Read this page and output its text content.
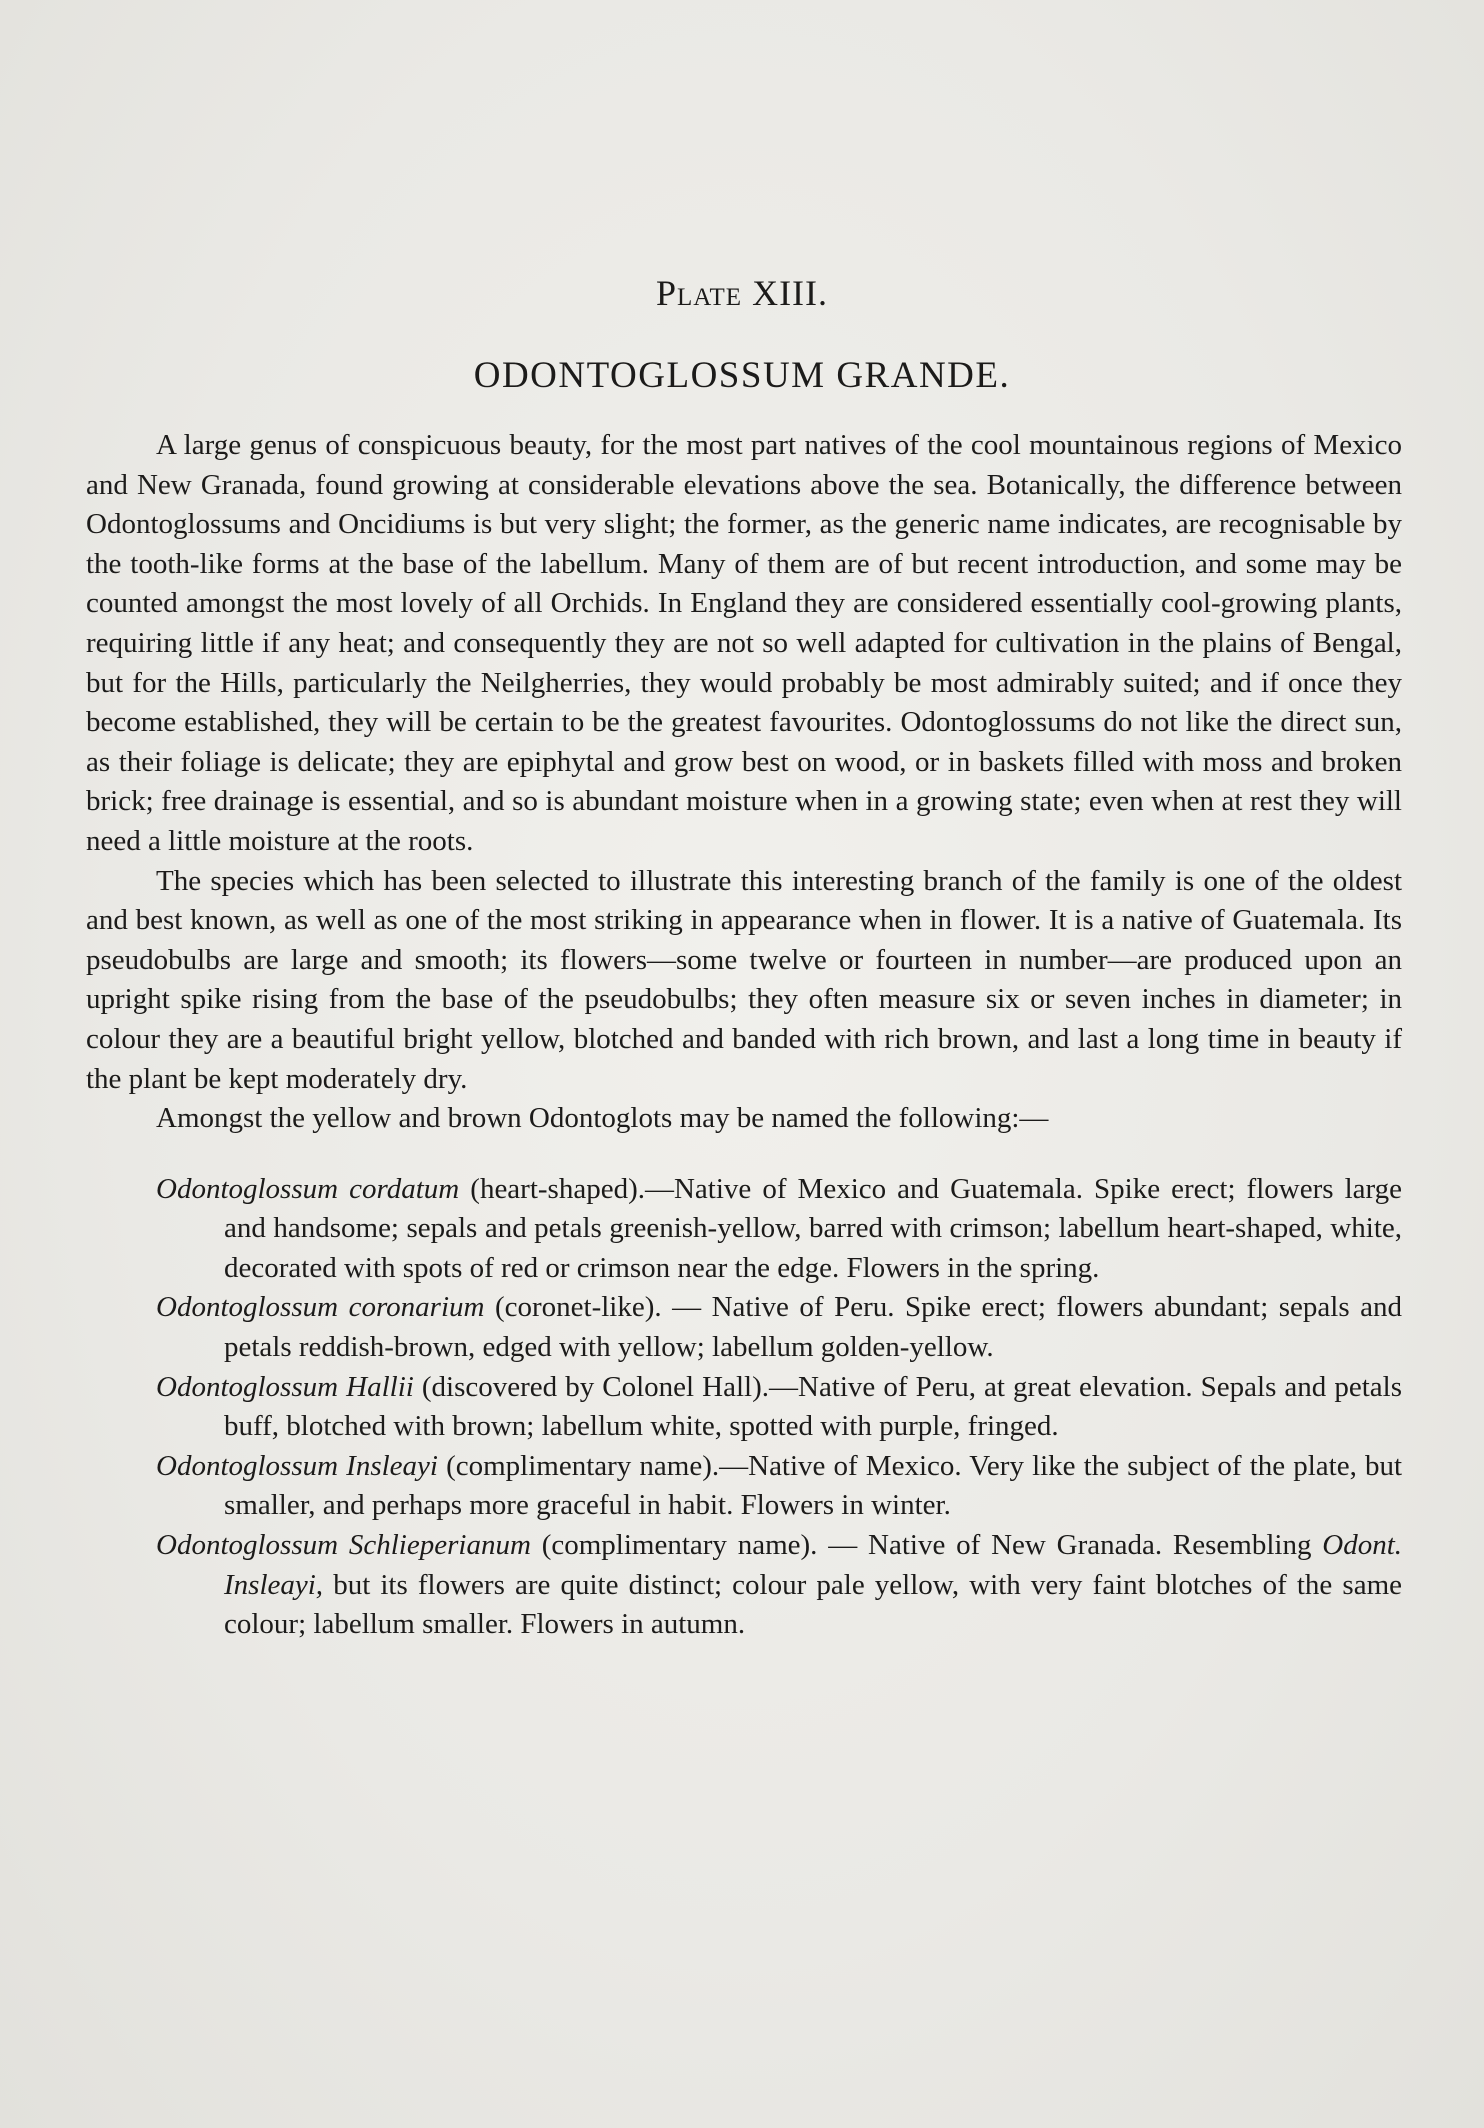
Plate XIII.
ODONTOGLOSSUM GRANDE.

A large genus of conspicuous beauty, for the most part natives of the cool mountainous regions of Mexico and New Granada, found growing at considerable elevations above the sea. Botanically, the difference between Odontoglossums and Oncidiums is but very slight; the former, as the generic name indicates, are recognisable by the tooth-like forms at the base of the labellum. Many of them are of but recent introduction, and some may be counted amongst the most lovely of all Orchids. In England they are considered essentially cool-growing plants, requiring little if any heat; and consequently they are not so well adapted for cultivation in the plains of Bengal, but for the Hills, particularly the Neilgherries, they would probably be most admirably suited; and if once they become established, they will be certain to be the greatest favourites. Odontoglossums do not like the direct sun, as their foliage is delicate; they are epiphytal and grow best on wood, or in baskets filled with moss and broken brick; free drainage is essential, and so is abundant moisture when in a growing state; even when at rest they will need a little moisture at the roots.

The species which has been selected to illustrate this interesting branch of the family is one of the oldest and best known, as well as one of the most striking in appearance when in flower. It is a native of Guatemala. Its pseudobulbs are large and smooth; its flowers—some twelve or fourteen in number—are produced upon an upright spike rising from the base of the pseudobulbs; they often measure six or seven inches in diameter; in colour they are a beautiful bright yellow, blotched and banded with rich brown, and last a long time in beauty if the plant be kept moderately dry.

Amongst the yellow and brown Odontoglots may be named the following:—

Odontoglossum cordatum (heart-shaped).—Native of Mexico and Guatemala. Spike erect; flowers large and handsome; sepals and petals greenish-yellow, barred with crimson; labellum heart-shaped, white, decorated with spots of red or crimson near the edge. Flowers in the spring.
Odontoglossum coronarium (coronet-like). — Native of Peru. Spike erect; flowers abundant; sepals and petals reddish-brown, edged with yellow; labellum golden-yellow.
Odontoglossum Hallii (discovered by Colonel Hall).—Native of Peru, at great elevation. Sepals and petals buff, blotched with brown; labellum white, spotted with purple, fringed.
Odontoglossum Insleayi (complimentary name).—Native of Mexico. Very like the subject of the plate, but smaller, and perhaps more graceful in habit. Flowers in winter.
Odontoglossum Schlieperianum (complimentary name). — Native of New Granada. Resembling Odont. Insleayi, but its flowers are quite distinct; colour pale yellow, with very faint blotches of the same colour; labellum smaller. Flowers in autumn.
